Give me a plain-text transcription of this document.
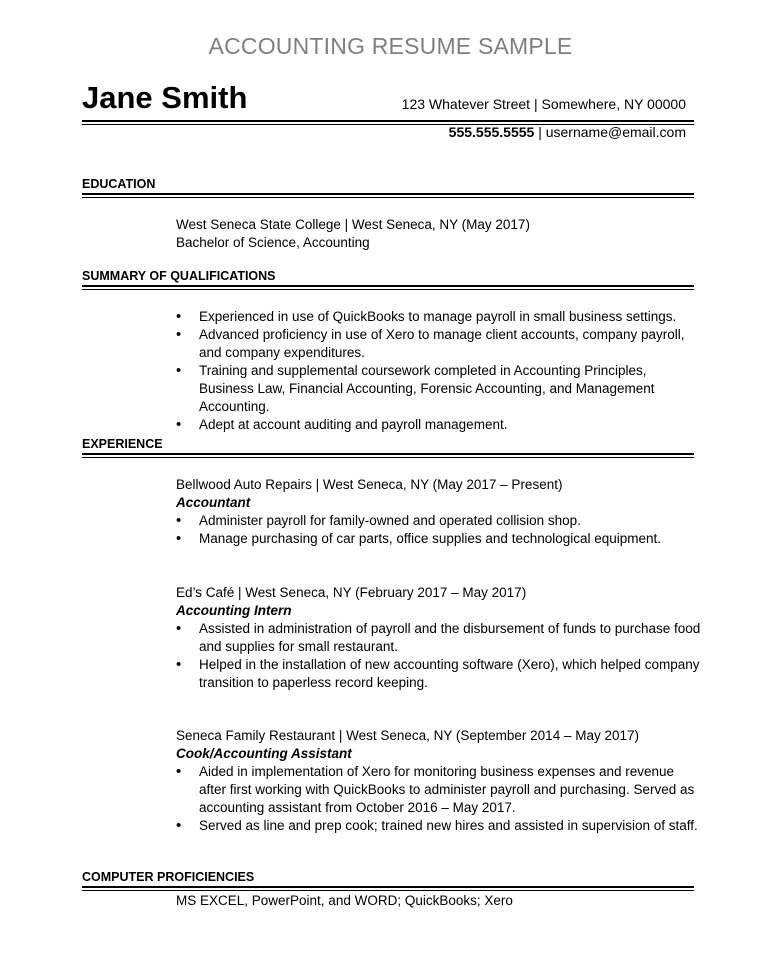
ACCOUNTING RESUME SAMPLE
Jane Smith	123 Whatever Street | Somewhere, NY 00000
555.555.5555 | username@email.com
EDUCATION
West Seneca State College | West Seneca, NY (May 2017)
Bachelor of Science, Accounting
SUMMARY OF QUALIFICATIONS
• Experienced in use of QuickBooks to manage payroll in small business settings.
• Advanced proficiency in use of Xero to manage client accounts, company payroll, and company expenditures.
• Training and supplemental coursework completed in Accounting Principles, Business Law, Financial Accounting, Forensic Accounting, and Management Accounting.
• Adept at account auditing and payroll management.
EXPERIENCE
Bellwood Auto Repairs | West Seneca, NY (May 2017 – Present)
Accountant
• Administer payroll for family-owned and operated collision shop.
• Manage purchasing of car parts, office supplies and technological equipment.
Ed’s Café | West Seneca, NY (February 2017 – May 2017)
Accounting Intern
• Assisted in administration of payroll and the disbursement of funds to purchase food and supplies for small restaurant.
• Helped in the installation of new accounting software (Xero), which helped company transition to paperless record keeping.
Seneca Family Restaurant | West Seneca, NY (September 2014 – May 2017)
Cook/Accounting Assistant
• Aided in implementation of Xero for monitoring business expenses and revenue after first working with QuickBooks to administer payroll and purchasing. Served as accounting assistant from October 2016 – May 2017.
• Served as line and prep cook; trained new hires and assisted in supervision of staff.
COMPUTER PROFICIENCIES
MS EXCEL, PowerPoint, and WORD; QuickBooks; Xero
